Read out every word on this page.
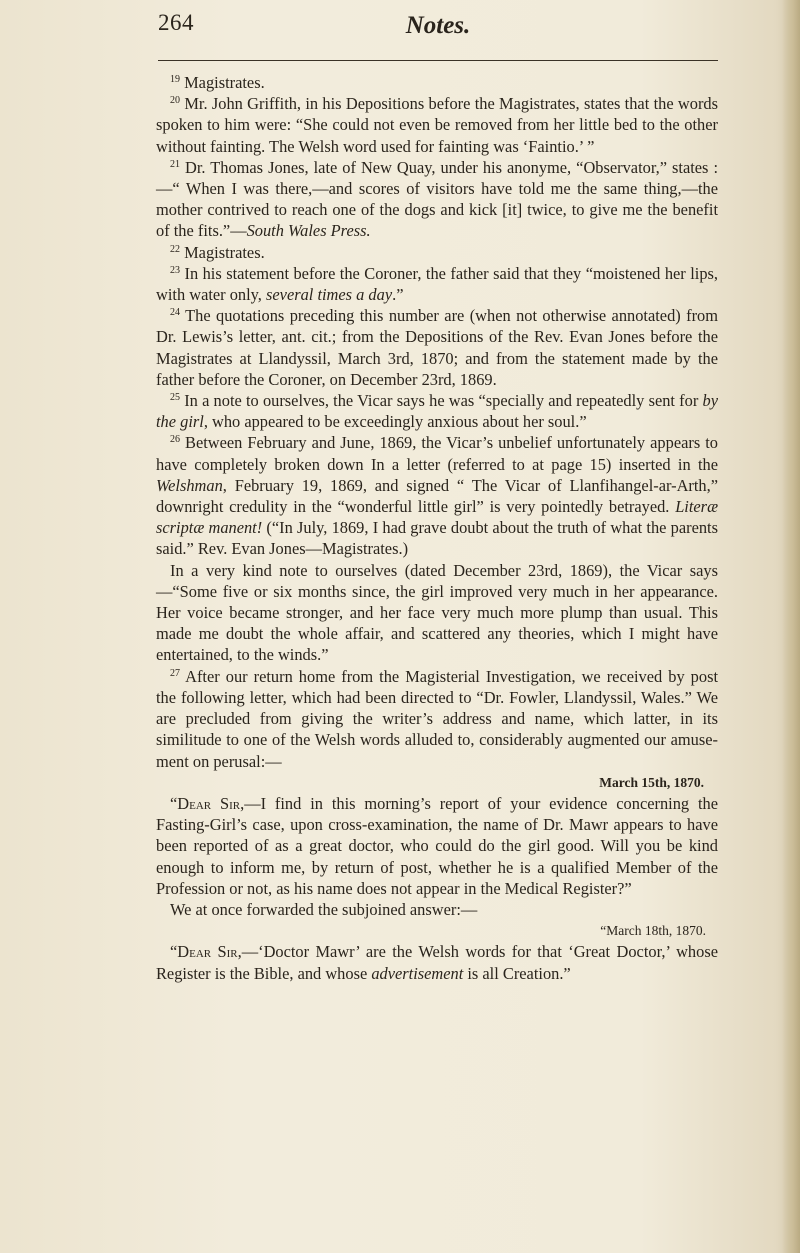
264	Notes.

$^{19}$ Magistrates.

$^{20}$ Mr. John Griffith, in his Depositions before the Magistrates, states that the words spoken to him were: “She could not even be removed from her little bed to the other without fainting. The Welsh word used for fainting was ‘Faintio.’ ”

$^{21}$ Dr. Thomas Jones, late of New Quay, under his anonyme, “Observator,” states :—“ When I was there,—and scores of visitors have told me the same thing,—the mother contrived to reach one of the dogs and kick [it] twice, to give me the benefit of the fits.”—South Wales Press.

$^{22}$ Magistrates.

$^{23}$ In his statement before the Coroner, the father said that they “moistened her lips, with water only, several times a day.”

$^{24}$ The quotations preceding this number are (when not otherwise annotated) from Dr. Lewis’s letter, ant. cit.; from the Depositions of the Rev. Evan Jones before the Magistrates at Llandyssil, March 3rd, 1870; and from the statement made by the father before the Coroner, on December 23rd, 1869.

$^{25}$ In a note to ourselves, the Vicar says he was “specially and repeatedly sent for by the girl, who appeared to be exceedingly anxious about her soul.”

$^{26}$ Between February and June, 1869, the Vicar’s unbelief unfortunately appears to have completely broken down In a letter (referred to at page 15) inserted in the Welshman, February 19, 1869, and signed “ The Vicar of Llanfihangel-ar-Arth,” downright credulity in the “wonderful little girl” is very pointedly betrayed. Literæ scriptæ manent! (“In July, 1869, I had grave doubt about the truth of what the parents said.” Rev. Evan Jones—Magistrates.)

In a very kind note to ourselves (dated December 23rd, 1869), the Vicar says—“Some five or six months since, the girl improved very much in her appearance. Her voice became stronger, and her face very much more plump than usual. This made me doubt the whole affair, and scattered any theories, which I might have entertained, to the winds.”

$^{27}$ After our return home from the Magisterial Investigation, we received by post the following letter, which had been directed to “Dr. Fowler, Llandyssil, Wales.” We are precluded from giving the writer’s address and name, which latter, in its similitude to one of the Welsh words alluded to, considerably augmented our amusement on perusal:—

March 15th, 1870.

“Dear Sir,—I find in this morning’s report of your evidence concerning the Fasting-Girl’s case, upon cross-examination, the name of Dr. Mawr appears to have been reported of as a great doctor, who could do the girl good. Will you be kind enough to inform me, by return of post, whether he is a qualified Member of the Profession or not, as his name does not appear in the Medical Register?”

We at once forwarded the subjoined answer:—

“March 18th, 1870.

“Dear Sir,—‘Doctor Mawr’ are the Welsh words for that ‘Great Doctor,’ whose Register is the Bible, and whose advertisement is all Creation.”
